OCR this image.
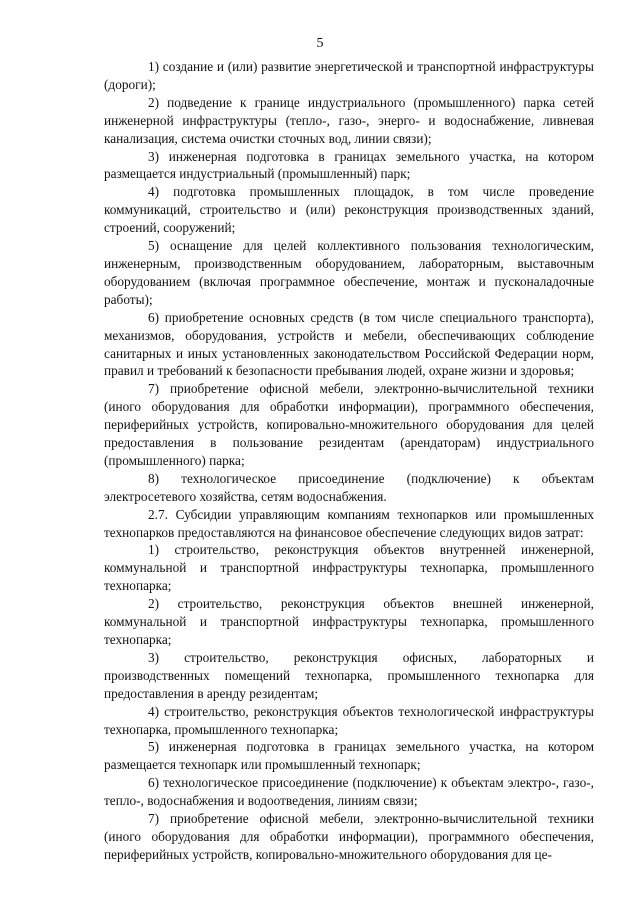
5

1) создание и (или) развитие энергетической и транспортной инфраструктуры (дороги);

2) подведение к границе индустриального (промышленного) парка сетей инженерной инфраструктуры (тепло-, газо-, энерго- и водоснабжение, ливневая канализация, система очистки сточных вод, линии связи);

3) инженерная подготовка в границах земельного участка, на котором размещается индустриальный (промышленный) парк;

4) подготовка промышленных площадок, в том числе проведение коммуникаций, строительство и (или) реконструкция производственных зданий, строений, сооружений;

5) оснащение для целей коллективного пользования технологическим, инженерным, производственным оборудованием, лабораторным, выставочным оборудованием (включая программное обеспечение, монтаж и пусконаладочные работы);

6) приобретение основных средств (в том числе специального транспорта), механизмов, оборудования, устройств и мебели, обеспечивающих соблюдение санитарных и иных установленных законодательством Российской Федерации норм, правил и требований к безопасности пребывания людей, охране жизни и здоровья;

7) приобретение офисной мебели, электронно-вычислительной техники (иного оборудования для обработки информации), программного обеспечения, периферийных устройств, копировально-множительного оборудования для целей предоставления в пользование резидентам (арендаторам) индустриального (промышленного) парка;

8) технологическое присоединение (подключение) к объектам электросетевого хозяйства, сетям водоснабжения.

2.7. Субсидии управляющим компаниям технопарков или промышленных технопарков предоставляются на финансовое обеспечение следующих видов затрат:

1) строительство, реконструкция объектов внутренней инженерной, коммунальной и транспортной инфраструктуры технопарка, промышленного технопарка;

2) строительство, реконструкция объектов внешней инженерной, коммунальной и транспортной инфраструктуры технопарка, промышленного технопарка;

3) строительство, реконструкция офисных, лабораторных и производственных помещений технопарка, промышленного технопарка для предоставления в аренду резидентам;

4) строительство, реконструкция объектов технологической инфраструктуры технопарка, промышленного технопарка;

5) инженерная подготовка в границах земельного участка, на котором размещается технопарк или промышленный технопарк;

6) технологическое присоединение (подключение) к объектам электро-, газо-, тепло-, водоснабжения и водоотведения, линиям связи;

7) приобретение офисной мебели, электронно-вычислительной техники (иного оборудования для обработки информации), программного обеспечения, периферийных устройств, копировально-множительного оборудования для це-
